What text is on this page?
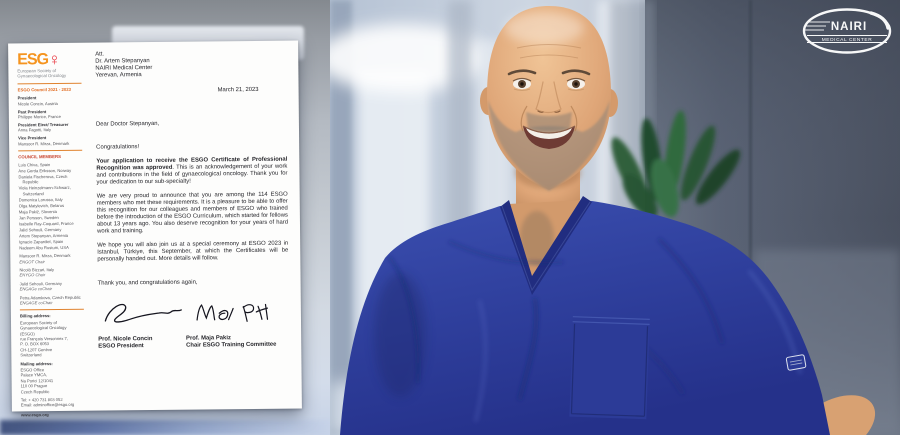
NAIRI
MEDICAL CENTER
ESG ♀
European Society of
Gynaecological Oncology
ESGO Council 2021 - 2023
President
Nicole Concin, Austria
Past President
Philippe Morice, France
President Elect/ Treasurer
Anna Fagotti, Italy
Vice President
Mansoor R. Mirza, Denmark
COUNCIL MEMBERS
Luis Chiva, Spain
Ane Gerda Eriksson, Norway
Daniela Fischerova, Czech Republic
Viola Heinzelmann-Schwarz, Switzerland
Domenica Lorusso, Italy
Olga Matylevich, Belarus
Maja Pakiž, Slovenia
Jan Persson, Sweden
Isabelle Ray-Coquard, France
Jalid Sehouli, Germany
Artem Stepanyan, Armenia
Ignacio Zapardiel, Spain
Nadeem Abu Rustum, USA
Mansoor R. Mirza, Denmark
ENGOT Chair
Nicolò Bizzari, Italy
ENYGO Chair
Jalid Sehouli, Germany
ENGAGe coChair
Petra Adamkova, Czech Republic
ENGAGE coChair
Billing address:
European Society of
Gynaecological Oncology
(ESGO)
rue François Versonnex 7,
P. O. BOX 6053
CH-1207 Genève
Switzerland
Mailing address:
ESGO Office
Palace YMCA,
Na Porici 12/1041
110 00 Prague
Czech Republic
Tel: + 420 731 803 052
Email: adminoffice@esgo.org
www.esgo.org
Att.
Dr. Artem Stepanyan
NAIRI Medical Center
Yerevan, Armenia
March 21, 2023
Dear Doctor Stepanyan,
Congratulations!

Your application to receive the ESGO Certificate of Professional Recognition was approved. This is an acknowledgement of your work and contributions in the field of gynaecological oncology. Thank you for your dedication to our sub-specialty!

We are very proud to announce that you are among the 114 ESGO members who met these requirements. It is a pleasure to be able to offer this recognition for our colleagues and members of ESGO who trained before the introduction of the ESGO Curriculum, which started for fellows about 13 years ago. You also deserve recognition for your years of hard work and training.

We hope you will also join us at a special ceremony at ESGO 2023 in Istanbul, Türkiye, this September, at which the Certificates will be personally handed out. More details will follow.

Thank you, and congratulations again,
Prof. Nicole Concin
ESGO President
Prof. Maja Pakiz
Chair ESGO Training Committee
